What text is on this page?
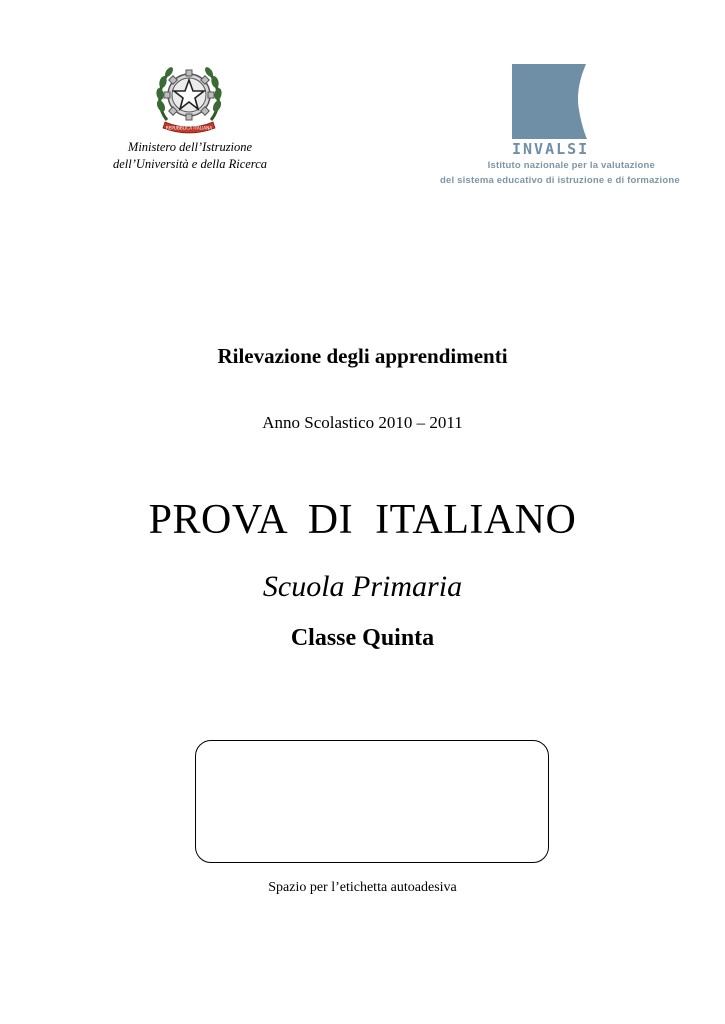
REPUBBLICA ITALIANA
Ministero dell’Istruzione
dell’Università e della Ricerca
INVALSI
Istituto nazionale per la valutazione
del sistema educativo di istruzione e di formazione
Rilevazione degli apprendimenti
Anno Scolastico 2010 – 2011
PROVA  DI  ITALIANO
Scuola Primaria
Classe Quinta
Spazio per l’etichetta autoadesiva
